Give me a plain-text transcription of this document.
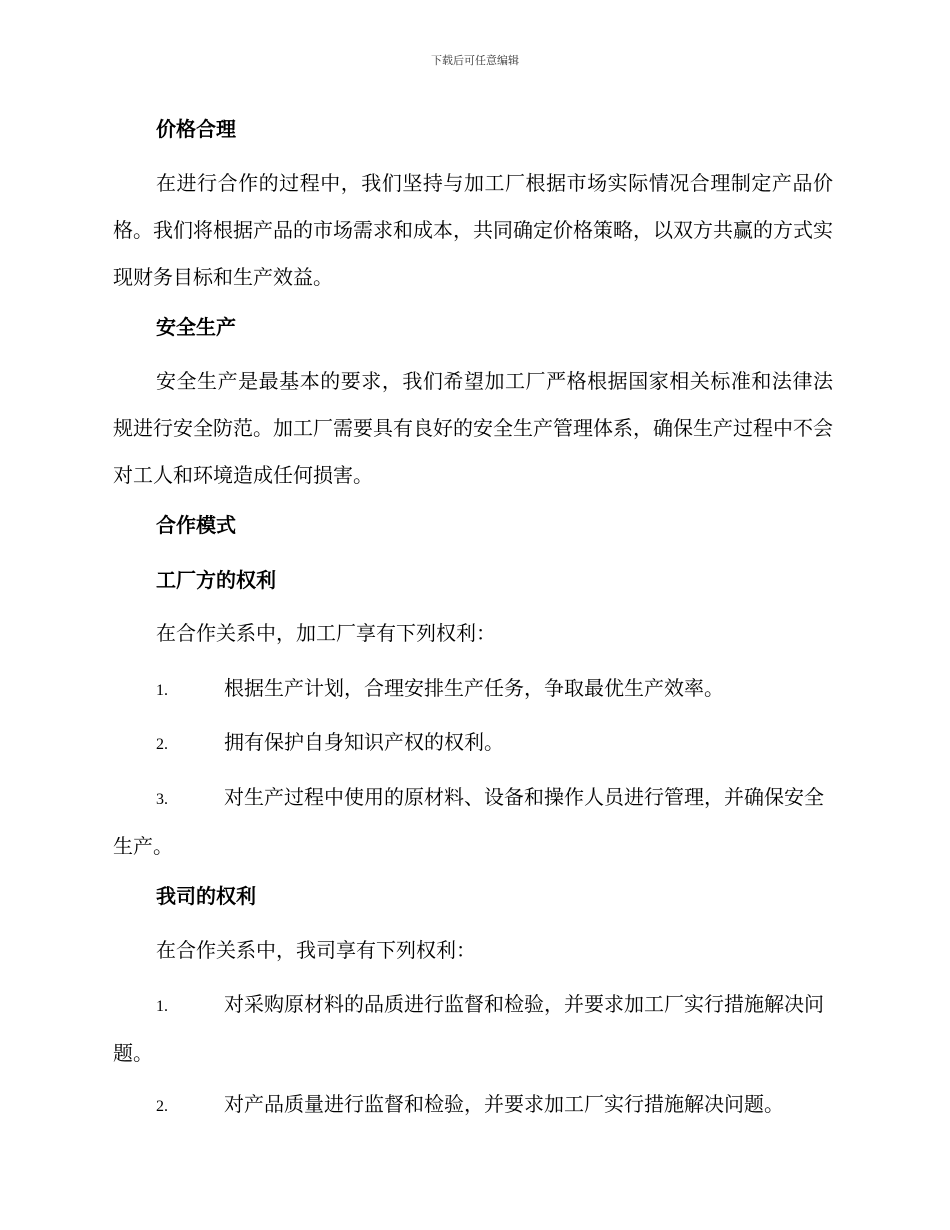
下载后可任意编辑
价格合理

在进行合作的过程中，我们坚持与加工厂根据市场实际情况合理制定产品价格。我们将根据产品的市场需求和成本，共同确定价格策略，以双方共赢的方式实现财务目标和生产效益。

安全生产

安全生产是最基本的要求，我们希望加工厂严格根据国家相关标准和法律法规进行安全防范。加工厂需要具有良好的安全生产管理体系，确保生产过程中不会对工人和环境造成任何损害。

合作模式
工厂方的权利

在合作关系中，加工厂享有下列权利：

1.	根据生产计划，合理安排生产任务，争取最优生产效率。

2.	拥有保护自身知识产权的权利。

3.	对生产过程中使用的原材料、设备和操作人员进行管理，并确保安全生产。

我司的权利

在合作关系中，我司享有下列权利：

1.	对采购原材料的品质进行监督和检验，并要求加工厂实行措施解决问题。

2.	对产品质量进行监督和检验，并要求加工厂实行措施解决问题。
